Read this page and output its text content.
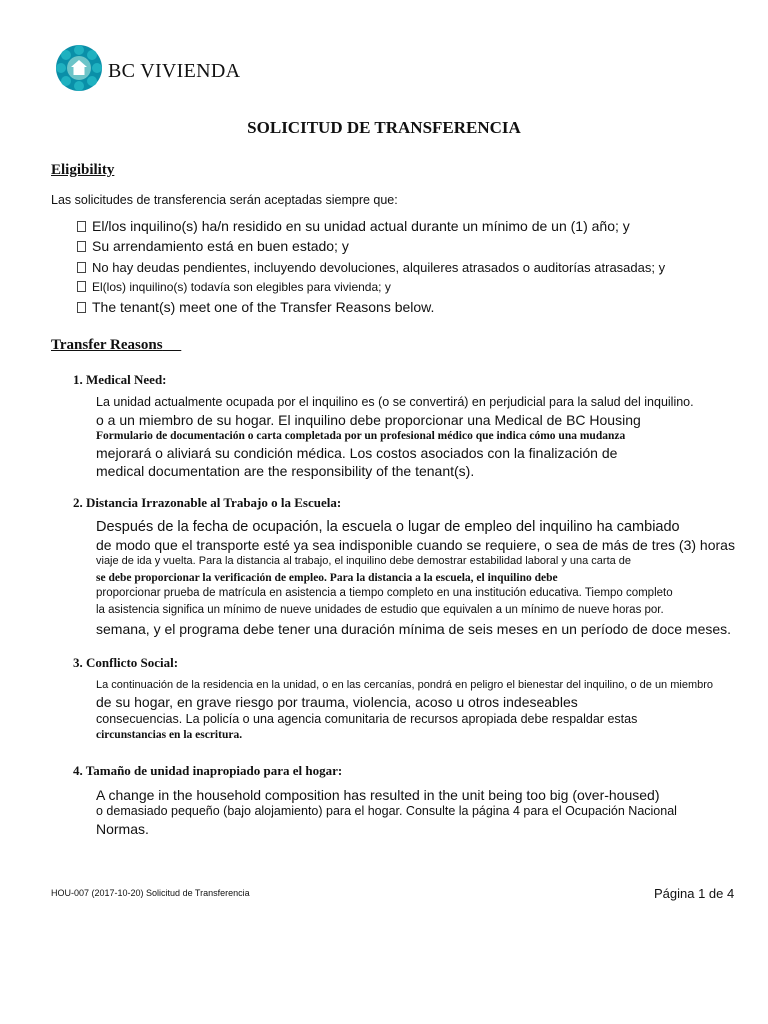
BC VIVIENDA
SOLICITUD DE TRANSFERENCIA
Eligibility
Las solicitudes de transferencia serán aceptadas siempre que:
El/los inquilino(s) ha/n residido en su unidad actual durante un mínimo de un (1) año; y
Su arrendamiento está en buen estado; y
No hay deudas pendientes, incluyendo devoluciones, alquileres atrasados o auditorías atrasadas; y
El(los) inquilino(s) todavía son elegibles para vivienda; y
The tenant(s) meet one of the Transfer Reasons below.
Transfer Reasons
1. Medical Need:
La unidad actualmente ocupada por el inquilino es (o se convertirá) en perjudicial para la salud del inquilino.
o a un miembro de su hogar. El inquilino debe proporcionar una Medical de BC Housing
Formulario de documentación o carta completada por un profesional médico que indica cómo una mudanza
mejorará o aliviará su condición médica. Los costos asociados con la finalización de
medical documentation are the responsibility of the tenant(s).
2. Distancia Irrazonable al Trabajo o la Escuela:
Después de la fecha de ocupación, la escuela o lugar de empleo del inquilino ha cambiado
de modo que el transporte esté ya sea indisponible cuando se requiere, o sea de más de tres (3) horas
viaje de ida y vuelta. Para la distancia al trabajo, el inquilino debe demostrar estabilidad laboral y una carta de
se debe proporcionar la verificación de empleo. Para la distancia a la escuela, el inquilino debe
proporcionar prueba de matrícula en asistencia a tiempo completo en una institución educativa. Tiempo completo
la asistencia significa un mínimo de nueve unidades de estudio que equivalen a un mínimo de nueve horas por.
semana, y el programa debe tener una duración mínima de seis meses en un período de doce meses.
3. Conflicto Social:
La continuación de la residencia en la unidad, o en las cercanías, pondrá en peligro el bienestar del inquilino, o de un miembro
de su hogar, en grave riesgo por trauma, violencia, acoso u otros indeseables
consecuencias. La policía o una agencia comunitaria de recursos apropiada debe respaldar estas
circunstancias en la escritura.
4. Tamaño de unidad inapropiado para el hogar:
A change in the household composition has resulted in the unit being too big (over-housed)
o demasiado pequeño (bajo alojamiento) para el hogar. Consulte la página 4 para el Ocupación Nacional
Normas.
HOU-007 (2017-10-20) Solicitud de Transferencia	Página 1 de 4
